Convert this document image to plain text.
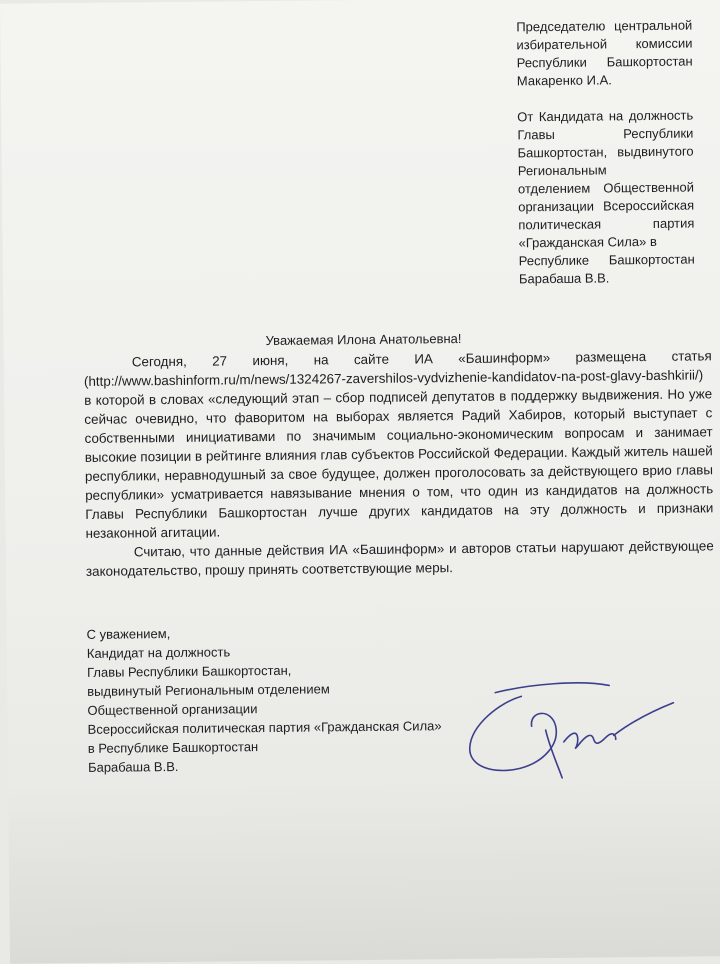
Председателю центральной
избирательной комиссии
Республики Башкортостан
Макаренко И.А.
От Кандидата на должность
Главы Республики
Башкортостан, выдвинутого
Региональным
отделением Общественной
организации Всероссийская
политическая партия
«Гражданская Сила» в
Республике Башкортостан
Барабаша В.В.
Уважаемая Илона Анатольевна!

Сегодня, 27 июня, на сайте ИА «Башинформ» размещена статья (http://www.bashinform.ru/m/news/1324267-zavershilos-vydvizhenie-kandidatov-na-post-glavy-bashkirii/) в которой в словах «следующий этап – сбор подписей депутатов в поддержку выдвижения. Но уже сейчас очевидно, что фаворитом на выборах является Радий Хабиров, который выступает с собственными инициативами по значимым социально-экономическим вопросам и занимает высокие позиции в рейтинге влияния глав субъектов Российской Федерации. Каждый житель нашей республики, неравнодушный за свое будущее, должен проголосовать за действующего врио главы республики» усматривается навязывание мнения о том, что один из кандидатов на должность Главы Республики Башкортостан лучше других кандидатов на эту должность и признаки незаконной агитации.

Считаю, что данные действия ИА «Башинформ» и авторов статьи нарушают действующее законодательство, прошу принять соответствующие меры.

С уважением,
Кандидат на должность
Главы Республики Башкортостан,
выдвинутый Региональным отделением
Общественной организации
Всероссийская политическая партия «Гражданская Сила»
в Республике Башкортостан
Барабаша В.В.
